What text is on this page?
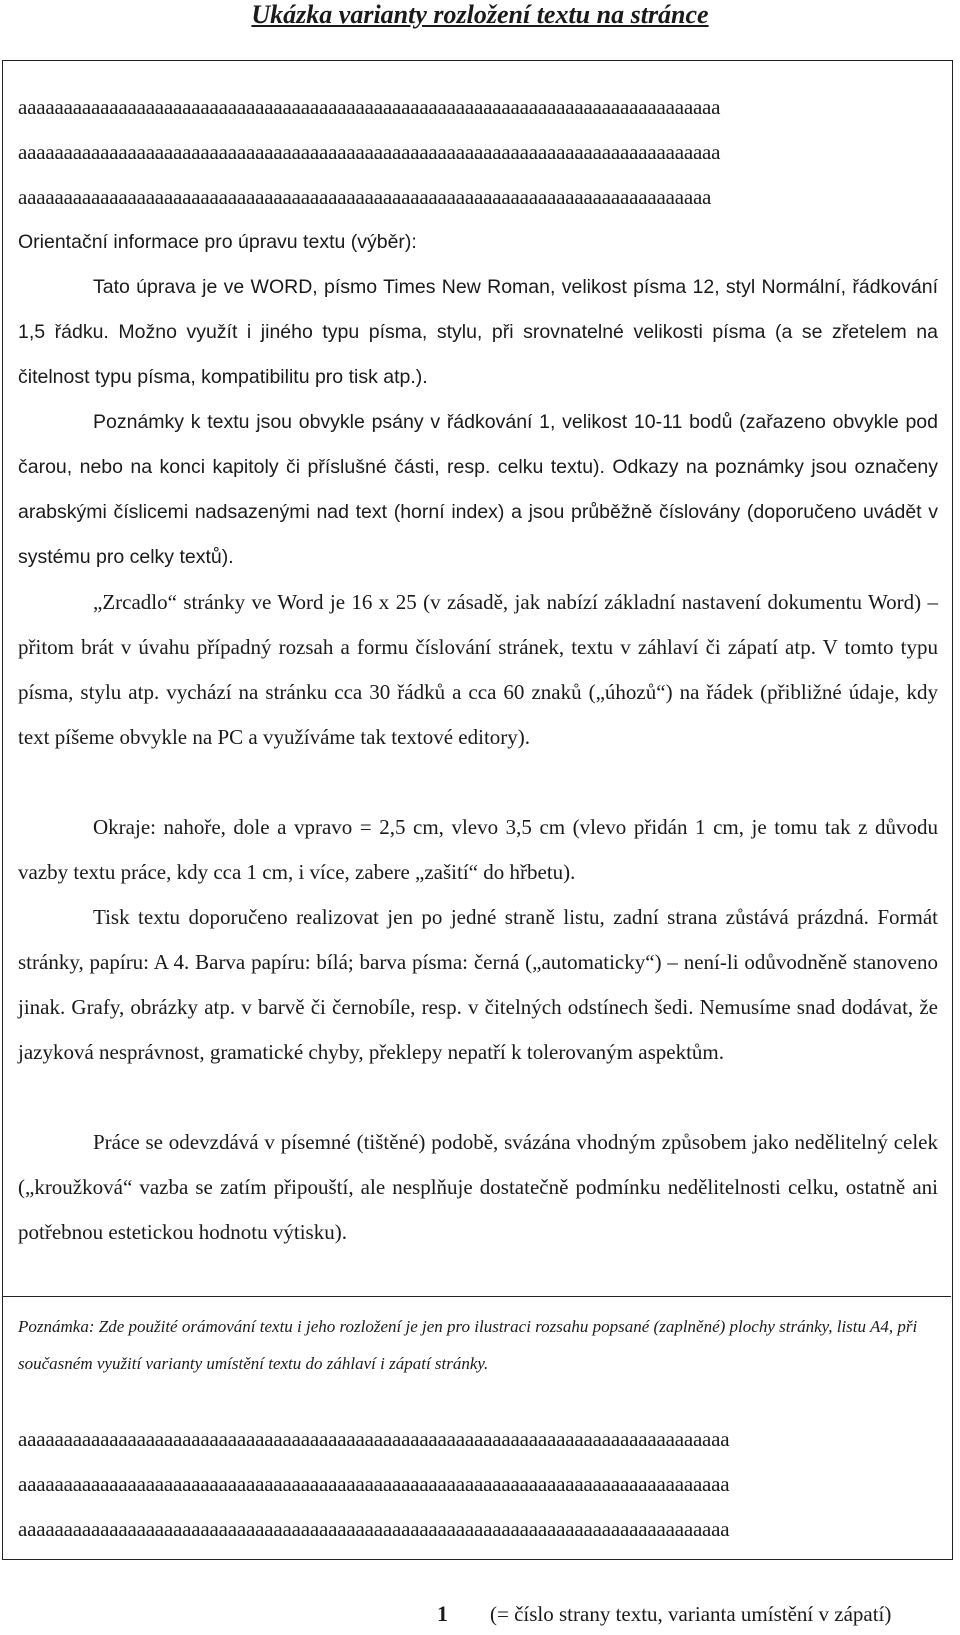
Ukázka varianty rozložení textu na stránce

aaaaaaaaaaaaaaaaaaaaaaaaaaaaaaaaaaaaaaaaaaaaaaaaaaaaaaaaaaaaaaaaaaaaaaaaaaaaa

aaaaaaaaaaaaaaaaaaaaaaaaaaaaaaaaaaaaaaaaaaaaaaaaaaaaaaaaaaaaaaaaaaaaaaaaaaaaa

aaaaaaaaaaaaaaaaaaaaaaaaaaaaaaaaaaaaaaaaaaaaaaaaaaaaaaaaaaaaaaaaaaaaaaaaaaaa

Orientační informace pro úpravu textu (výběr):

Tato úprava je ve WORD, písmo Times New Roman, velikost písma 12, styl Normální, řádkování 1,5 řádku. Možno využít i jiného typu písma, stylu, při srovnatelné velikosti písma (a se zřetelem na čitelnost typu písma, kompatibilitu pro tisk atp.).

Poznámky k textu jsou obvykle psány v řádkování 1, velikost 10-11 bodů (zařazeno obvykle pod čarou, nebo na konci kapitoly či příslušné části, resp. celku textu). Odkazy na poznámky jsou označeny arabskými číslicemi nadsazenými nad text (horní index) a jsou průběžně číslovány (doporučeno uvádět v systému pro celky textů).

„Zrcadlo“ stránky ve Word je 16 x 25 (v zásadě, jak nabízí základní nastavení dokumentu Word) – přitom brát v úvahu případný rozsah a formu číslování stránek, textu v záhlaví či zápatí atp. V tomto typu písma, stylu atp. vychází na stránku cca 30 řádků a cca 60 znaků („úhozů“) na řádek (přibližné údaje, kdy text píšeme obvykle na PC a využíváme tak textové editory).

Okraje: nahoře, dole a vpravo = 2,5 cm, vlevo 3,5 cm (vlevo přidán 1 cm, je tomu tak z důvodu vazby textu práce, kdy cca 1 cm, i více, zabere „zašití“ do hřbetu).

Tisk textu doporučeno realizovat jen po jedné straně listu, zadní strana zůstává prázdná. Formát stránky, papíru: A 4. Barva papíru: bílá; barva písma: černá („automaticky“) – není-li odůvodněně stanoveno jinak. Grafy, obrázky atp. v barvě či černobíle, resp. v čitelných odstínech šedi. Nemusíme snad dodávat, že jazyková nesprávnost, gramatické chyby, překlepy nepatří k tolerovaným aspektům.

Práce se odevzdává v písemné (tištěné) podobě, svázána vhodným způsobem jako nedělitelný celek („kroužková“ vazba se zatím připouští, ale nesplňuje dostatečně podmínku nedělitelnosti celku, ostatně ani potřebnou estetickou hodnotu výtisku).

Poznámka: Zde použité orámování textu i jeho rozložení je jen pro ilustraci rozsahu popsané (zaplněné) plochy stránky, listu A4, při současném využití varianty umístění textu do záhlaví i zápatí stránky.

aaaaaaaaaaaaaaaaaaaaaaaaaaaaaaaaaaaaaaaaaaaaaaaaaaaaaaaaaaaaaaaaaaaaaaaaaaaaaa

aaaaaaaaaaaaaaaaaaaaaaaaaaaaaaaaaaaaaaaaaaaaaaaaaaaaaaaaaaaaaaaaaaaaaaaaaaaaaa

aaaaaaaaaaaaaaaaaaaaaaaaaaaaaaaaaaaaaaaaaaaaaaaaaaaaaaaaaaaaaaaaaaaaaaaaaaaaaa

1 (= číslo strany textu, varianta umístění v zápatí)
